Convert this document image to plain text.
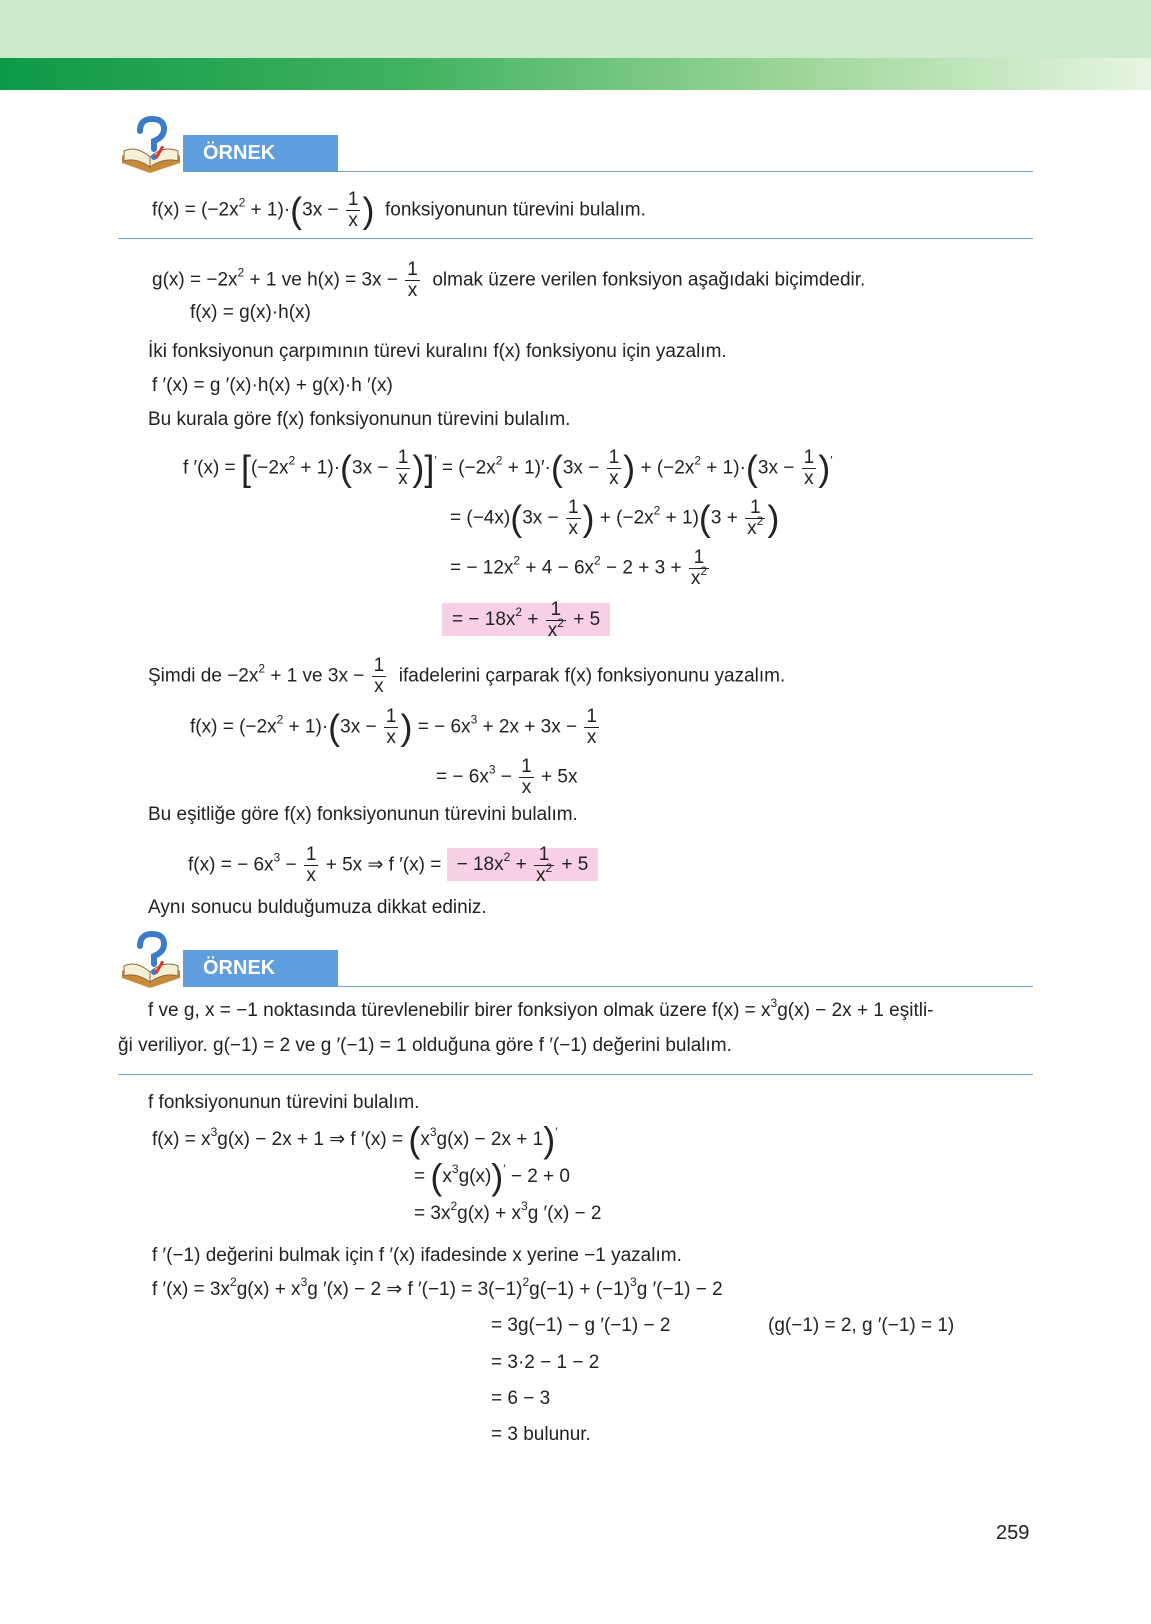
ÖRNEK
$f(x) = (-2x^2 + 1)\cdot(3x - \frac{1}{x}$ ) fonksiyonunun türevini bulalım.
$g(x) = -2x^2 + 1$ ve $h(x) = 3x - \frac{1}{x}$ olmak üzere verilen fonksiyon aşağıdaki biçimdedir.
f(x) = g(x)·h(x)
İki fonksiyonun çarpımının türevi kuralını f(x) fonksiyonu için yazalım.
f ′(x) = g ′(x)·h(x) + g(x)·h ′(x)
Bu kurala göre f(x) fonksiyonunun türevini bulalım.
f $'(x) = [(-2x^2 + 1)\cdot(3x - \frac{1}{x} )]' = (-2x^2 + 1)'\cdot(3x - \frac{1}{x}$ ) + $(-2x^2 + 1)\cdot(3x - \frac{1}{x} )'$
= $(-4x)(3x - \frac{1}{x}$ ) + $(-2x^2 + 1)(3 + \frac{1}{x^2}$ )
= − $12x^2 + 4 - 6x^2 - 2 + 3 + \frac{1}{x^2}$
= − $18x^2 + \frac{1}{x^2} + 5$
Şimdi de $-2x^2 + 1$ ve $3x - \frac{1}{x}$ ifadelerini çarparak f(x) fonksiyonunu yazalım.
$f(x) = (-2x^2 + 1)\cdot(3x - \frac{1}{x}$ ) = − $6x^3 + 2x + 3x - \frac{1}{x}$
= − $6x^3 - \frac{1}{x} + 5x$
Bu eşitliğe göre f(x) fonksiyonunun türevini bulalım.
f(x) = − $6x^3 - \frac{1}{x} + 5x$ ⇒ f ′(x) = − $18x^2 + \frac{1}{x^2} + 5$
Aynı sonucu bulduğumuza dikkat ediniz.
ÖRNEK
f ve g, x = −1 noktasında türevlenebilir birer fonksiyon olmak üzere $f(x) = x^3g(x) - 2x + 1$ eşitli-
ği veriliyor. g(−1) = 2 ve g ′(−1) = 1 olduğuna göre f ′(−1) değerini bulalım.
f fonksiyonunun türevini bulalım.
$f(x) = x^3g(x) - 2x + 1$ ⇒ f $'(x) = (x^3g(x) - 2x + 1)'$
= $(x^3g(x))' - 2 + 0$
= $3x^2g(x) + x^3g$ ′(x) − 2
f ′(−1) değerini bulmak için f ′(x) ifadesinde x yerine −1 yazalım.
f $'(x) = 3x^2g(x) + x^3g$ ′(x) − 2 ⇒ f $'(-1) = 3(-1)^2g(-1) + (-1)^3g$ ′(−1) − 2
= 3g(−1) − g ′(−1) − 2	(g(−1) = 2, g ′(−1) = 1)
= 3·2 − 1 − 2
= 6 − 3
= 3 bulunur.
259
